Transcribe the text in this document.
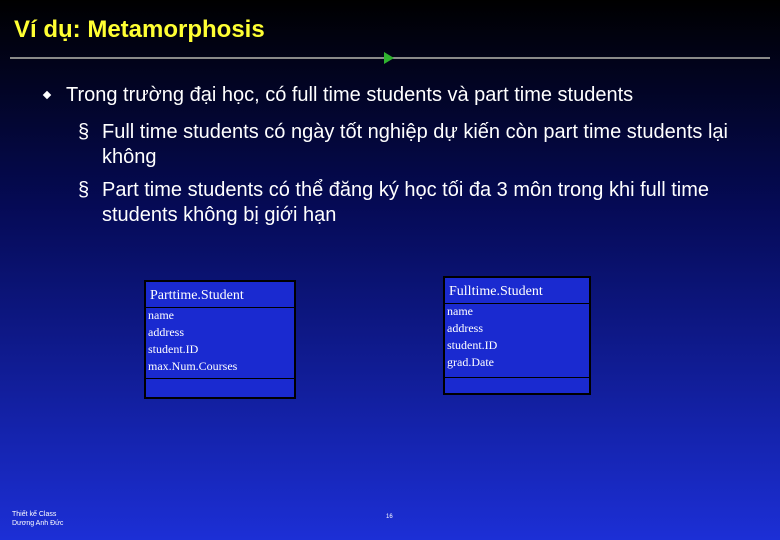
Ví dụ: Metamorphosis
Trong trường đại học, có full time students và part time students
§ Full time students có ngày tốt nghiệp dự kiến còn part time students lại không
§ Part time students có thể đăng ký học tối đa 3 môn trong khi full time students không bị giới hạn
Parttime.Student
name
address
student.ID
max.Num.Courses
Fulltime.Student
name
address
student.ID
grad.Date
Thiết kế Class
Dương Anh Đức
16
